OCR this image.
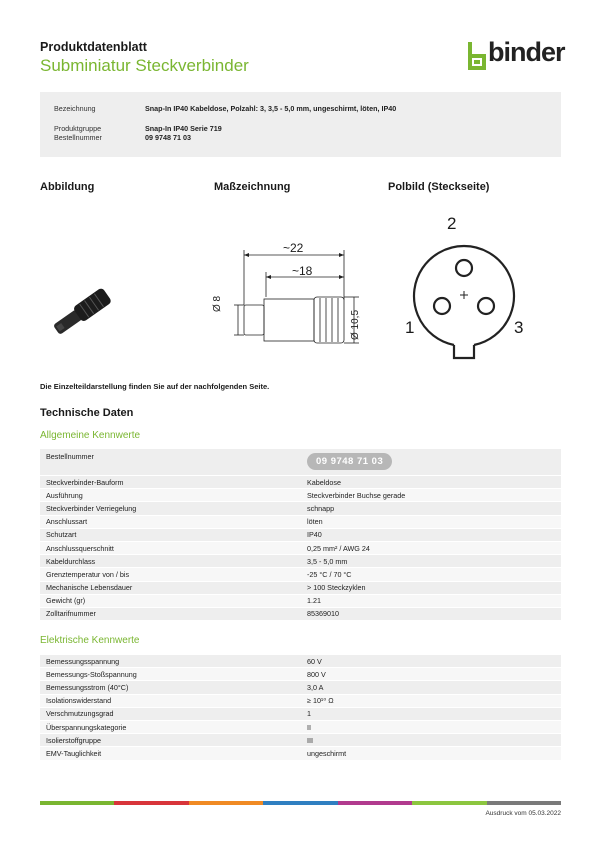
Produktdatenblatt
Subminiatur Steckverbinder	binder
Bezeichnung	Snap-In IP40 Kabeldose, Polzahl: 3, 3,5 - 5,0 mm, ungeschirmt, löten, IP40
Produktgruppe	Snap-In IP40 Serie 719
Bestellnummer	09 9748 71 03
Abbildung	Maßzeichnung	Polbild (Steckseite)
~22
~18
Ø 8
Ø 10,5
2
1	3
Die Einzelteildarstellung finden Sie auf der nachfolgenden Seite.
Technische Daten
Allgemeine Kennwerte
Bestellnummer	09 9748 71 03
Steckverbinder-Bauform	Kabeldose
Ausführung	Steckverbinder Buchse gerade
Steckverbinder Verriegelung	schnapp
Anschlussart	löten
Schutzart	IP40
Anschlussquerschnitt	0,25 mm² / AWG 24
Kabeldurchlass	3,5 - 5,0 mm
Grenztemperatur von / bis	-25 °C / 70 °C
Mechanische Lebensdauer	> 100 Steckzyklen
Gewicht (gr)	1.21
Zolltarifnummer	85369010
Elektrische Kennwerte
Bemessungsspannung	60 V
Bemessungs-Stoßspannung	800 V
Bemessungsstrom (40°C)	3,0 A
Isolationswiderstand	≥ 10¹⁰ Ω
Verschmutzungsgrad	1
Überspannungskategorie	II
Isolierstoffgruppe	III
EMV-Tauglichkeit	ungeschirmt
Ausdruck vom 05.03.2022
